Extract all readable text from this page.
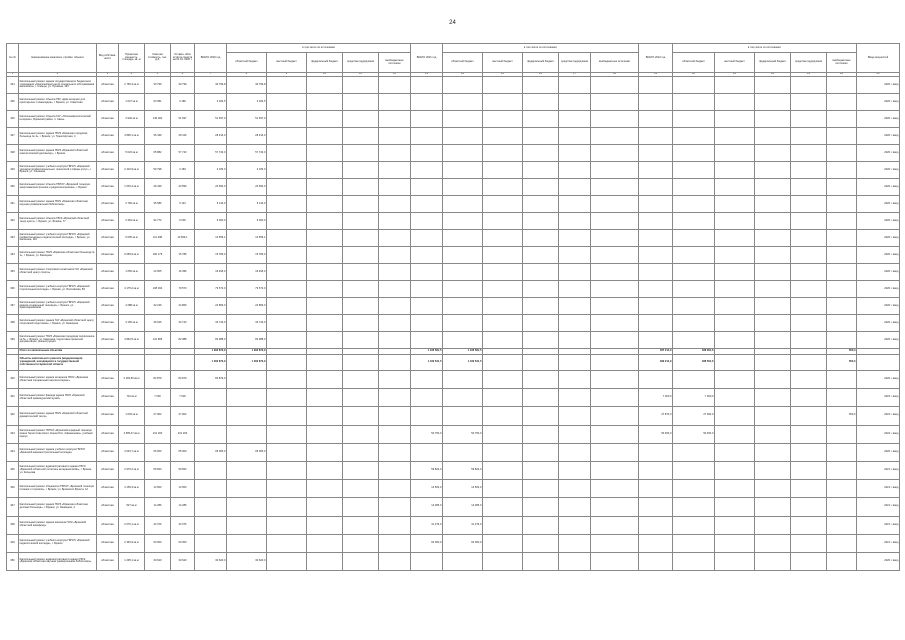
24
№ п/п	Наименование заказчика, стройки, объекта	Вид собствен- ности	Проектная мощность, площадь, кв. м	Сметная стоимость, тыс. руб.	Оставш- ийся остаток средств на 01.01. 2020 г.	ВСЕГО 2020 год	в том числе по источникам					ВСЕГО 2021 год	в том числе по источникам:					ВСЕГО 2022 год	в том числе по источникам:					Ввод мощностей
							областной бюджет	местный бюджет	федеральный бюджет	средства подрядчиков	внебюджетные источники		областной бюджет	местный бюджет	федеральный бюджет	средства подрядчиков	внебюджетные источники		областной бюджет	местный бюджет	федеральный бюджет	средства подрядчиков	внебюджетные источники	
1	2	3	4	5	6	7	8	9	10	11	12	13	14	15	16	17	18	19	20	21	22	23	24	25
324	Капитальный ремонт здания государственного бюджетного учреждения «Комплексный центр социального обслуживания населения», г. Клинцы, ул. Пушкина, 133	областная	2 765,3 кв.м	30 799	30 799	30 799,8	30 799,8																	2020 г. ввод
325	Капитальный ремонт объекта ГБУ «Дом-интернат для престарелых и инвалидов», г. Брянск, ул. Советская	областная	1 647 кв.м	63 081	3 186	3 184,5	3 184,5																	2020 г. ввод
326	Капитальный ремонт объекта ГАУ «Психоневрологический интернат», Брянский район, п. Свень	областная	2 940 кв.м	149 000	51 697	51 697,0	51 697,0																	2020 г. ввод
327	Капитальный ремонт здания ГБУЗ «Брянская городская больница № 4», г. Брянск, ул. Транспортная, 4	областная	4 895,1 кв.м	35 439	28 416	28 416,0	28 416,0																	2020 г. ввод
328	Капитальный ремонт здания ГБУЗ «Брянский областной онкологический диспансер», г. Брянск	областная	5 023 кв.м	65 882	57 743	57 743,0	57 743,0																	2020 г. ввод
329	Капитальный ремонт учебного корпуса ГБПОУ «Брянский техникум профессиональных технологий и сферы услуг», г. Брянск, ул. Ульянова	областная	2 416,9 кв.м	59 798	3 183	3 183,0	3 183,0																	2020 г. ввод
330	Капитальный ремонт объекта ГБПОУ «Брянский техникум энергомашиностроения и радиоэлектроники», г. Брянск	областная	1 633,4 кв.м	49 449	20 590	20 590,0	20 590,0																	2020 г. ввод
331	Капитальный ремонт здания ГБУК «Брянская областная научная универсальная библиотека»	областная	2 760 кв.м	35 686	5 143	5 143,0	5 143,0																	2020 г. ввод
332	Капитальный ремонт объекта ГБУК «Брянский областной театр кукол», г. Брянск, ул. Фокина, 77	областная	2 364 кв.м	94 772	6 000	6 000,0	6 000,0																	2020 г. ввод
333	Капитальный ремонт учебного корпуса ГБПОУ «Брянский профессионально-педагогический колледж», г. Брянск, ул. Калинина, 110	областная	5 605 кв.м	111 308	10 659,1	10 659,1	10 659,1																	2020 г. ввод
334	Капитальный ремонт ГБУЗ «Брянская областная больница № 1», г. Брянск, ул. Бежицкая	областная	9 659,9 кв.м	160 179	15 786	15 786,0	15 786,0																	2020 г. ввод
335	Капитальный ремонт спортивного комплекса ГАУ «Брянский областной центр спорта»	областная	1 650 кв.м	24 505	16 495	16 495,0	16 495,0																	2020 г. ввод
336	Капитальный ремонт учебного корпуса ГБПОУ «Брянский строительный колледж», г. Брянск, ул. Болховская, 83	областная	4 175,2 кв.м	108 034	79 573	79 573,0	79 573,0																	2020 г. ввод
337	Капитальный ремонт учебного корпуса ГБПОУ «Брянский медико-социальный техникум», г. Брянск, ул. Красноармейская	областная	4 288 кв.м	32 249	24 869	24 869,0	24 869,0																	2020 г. ввод
338	Капитальный ремонт здания ГАУ «Брянский областной центр спортивной подготовки», г. Брянск, ул. Бежицкая	областная	3 165 кв.м	36 026	34 743	34 743,0	34 743,0																	2020 г. ввод
339	Капитальный ремонт ГБУЗ «Брянская городская поликлиника № 5», г. Брянск, ул. Камозина, подготовка проектной документации, реконструкция	областная	4 862,5 кв.м	131 895	82 988	82 988,0	82 988,0																	2020 г. ввод
	Итого по капитальным объектам					1 292 873,9	1 292 873,9					1 436 581,5	1 436 581,5					487 214,9	488 064,6				650,3	
	Объекты капитального ремонта (модернизации) учреждений, находящихся в государственной собственности Брянской области					1 292 873,9	1 292 873,9					1 439 531,5	1 439 531,5					489 214,9	488 564,6				650,3	
340	Капитальный ремонт здания интерната ГБОУ «Брянская областная специальная школа-интернат»	областная	2 183,65 кв.м	84 879	84 879	84 879,0																		2020 г. ввод
341	Капитальный ремонт фасада здания ГБУК «Брянский областной краеведческий музей»	областная	710 кв.м	7 000	7 000													7 000,0	7 000,0					2022 г. ввод
342	Капитальный ремонт здания ГБУК «Брянский областной драматический театр»	областная	1 633 кв.м	27 902	27 902													27 870,0	27 000,0				650,0	2022 г. ввод
343	Капитальный ремонт ГБПОУ «Брянский аграрный техникум имени Героя Советского Союза М.А. Афанасьева», учебный корпус	областная	2 595,47 кв.м	101 200	101 200							50 750,0	50 750,0					50 450,0	50 450,0					2022 г. ввод
344	Капитальный ремонт здания учебного корпуса ГБПОУ «Брянский машиностроительный колледж»	областная	4 033,7 кв.м	65 000	65 000	65 000,0	65 000,0																	2020 г. ввод
345	Капитальный ремонт административного здания ГБУЗ «Брянский областной госпиталь ветеранов войн», г. Брянск, ул. Кольцова	областная	2 976,2 кв.м	59 823	59 823							59 823,0	59 823,0											2021 г. ввод
346	Капитальный ремонт общежития ГБПОУ «Брянский техникум питания и торговли», г. Брянск, ул. Брянского Фронта, 12	областная	4 159,3 кв.м	14 500	14 500							14 500,0	14 500,0											2021 г. ввод
347	Капитальный ремонт здания ГБУЗ «Брянская областная детская больница», г. Брянск, ул. Бежицкая, 2	областная	527 кв.м	14 286	14 286							14 286,0	14 286,0											2021 г. ввод
348	Капитальный ремонт здания кинозала ГАУК «Брянский областной кинофонд»	областная	2 076,1 кв.м	43 376	43 376							41 376,0	41 376,0											2021 г. ввод
349	Капитальный ремонт учебного корпуса ГБПОУ «Брянский педагогический колледж», г. Брянск	областная	2 345,9 кв.м	60 000	60 000							60 000,0	60 000,0											2021 г. ввод
350	Капитальный ремонт административного здания ГБУК «Брянская областная научная универсальная библиотека»	областная	1 295,1 кв.м	30 620	30 620	30 620,0	30 620,0																	2020 г. ввод
